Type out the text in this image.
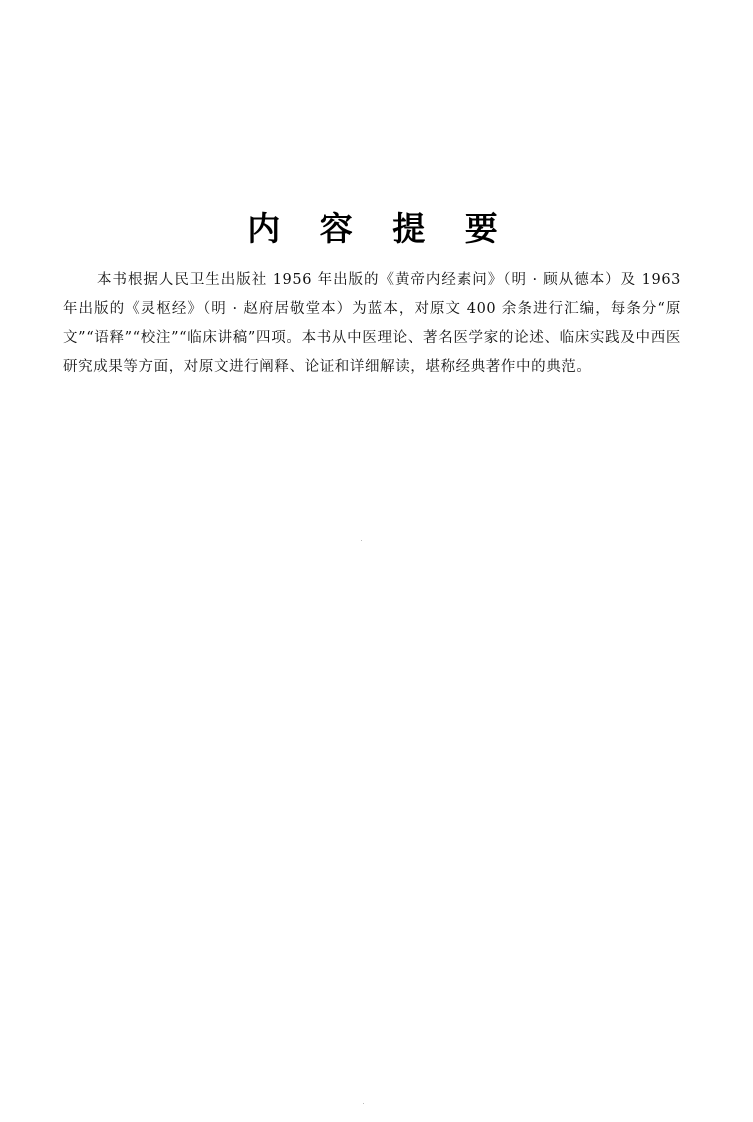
内 容 提 要

本书根据人民卫生出版社 1956 年出版的《黄帝内经素问》（明 · 顾从德本）及 1963 年出版的《灵枢经》（明 · 赵府居敬堂本）为蓝本，对原文 400 余条进行汇编，每条分“原文”“语释”“校注”“临床讲稿”四项。本书从中医理论、著名医学家的论述、临床实践及中西医研究成果等方面，对原文进行阐释、论证和详细解读，堪称经典著作中的典范。
